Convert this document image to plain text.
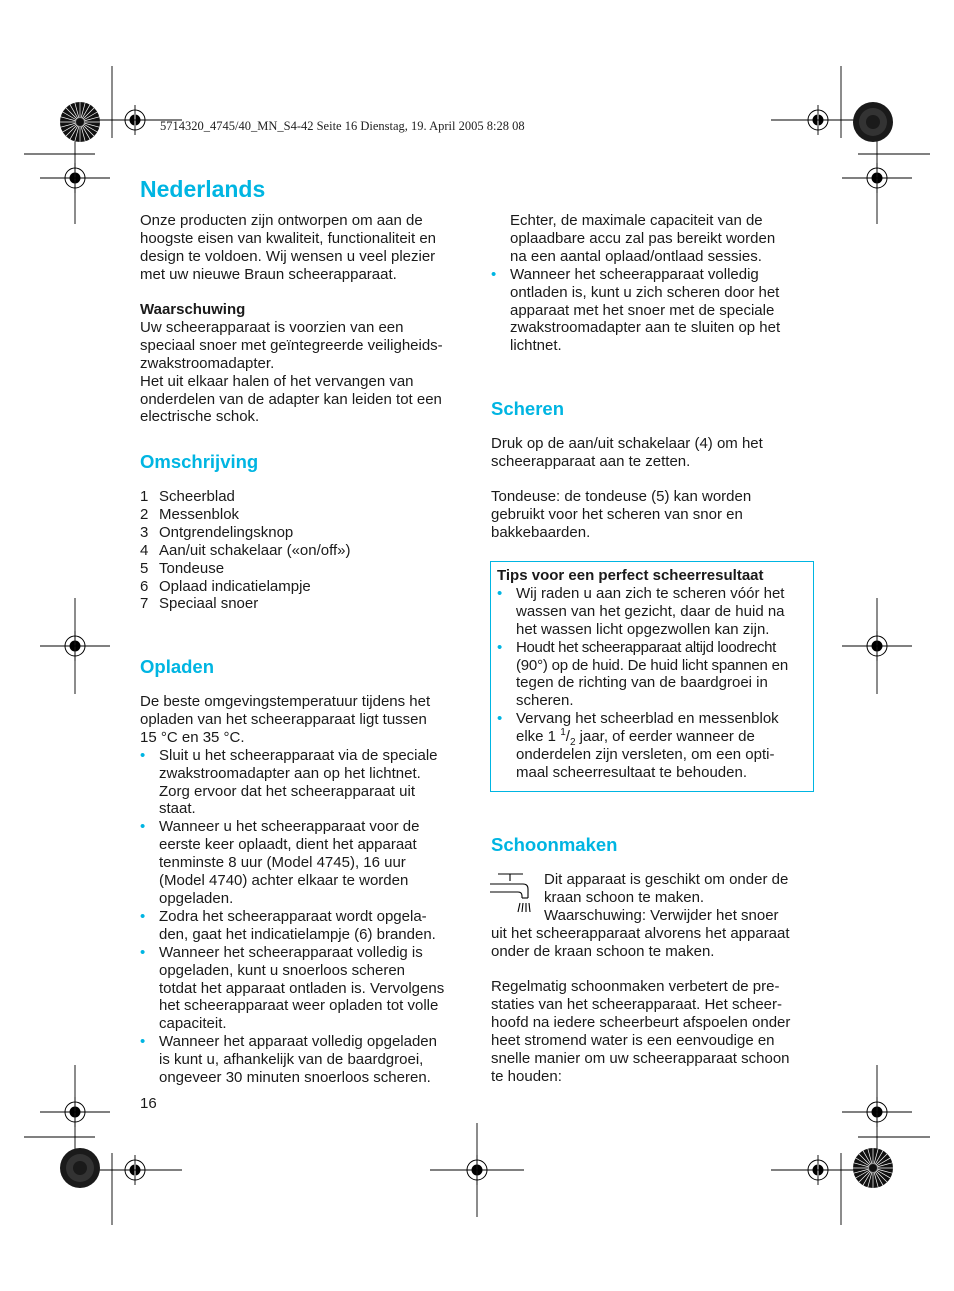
5714320_4745/40_MN_S4-42 Seite 16 Dienstag, 19. April 2005 8:28 08
Nederlands

Onze producten zijn ontworpen om aan de

hoogste eisen van kwaliteit, functionaliteit en

design te voldoen. Wij wensen u veel plezier

met uw nieuwe Braun scheerapparaat.

Waarschuwing

Uw scheerapparaat is voorzien van een

speciaal snoer met geïntegreerde veiligheids-

zwakstroomadapter.

Het uit elkaar halen of het vervangen van

onderdelen van de adapter kan leiden tot een

electrische schok.

Omschrijving
1 Scheerblad
2 Messenblok
3 Ontgrendelingsknop
4 Aan/uit schakelaar («on/off»)
5 Tondeuse
6 Oplaad indicatielampje
7 Speciaal snoer
Opladen

De beste omgevingstemperatuur tijdens het

opladen van het scheerapparaat ligt tussen

15 °C en 35 °C.

• Sluit u het scheerapparaat via de speciale

zwakstroomadapter aan op het lichtnet.

Zorg ervoor dat het scheerapparaat uit

staat.

• Wanneer u het scheerapparaat voor de

eerste keer oplaadt, dient het apparaat

tenminste 8 uur (Model 4745), 16 uur

(Model 4740) achter elkaar te worden

opgeladen.

• Zodra het scheerapparaat wordt opgela-

den, gaat het indicatielampje (6) branden.

• Wanneer het scheerapparaat volledig is

opgeladen, kunt u snoerloos scheren

totdat het apparaat ontladen is. Vervolgens

het scheerapparaat weer opladen tot volle

capaciteit.

• Wanneer het apparaat volledig opgeladen

is kunt u, afhankelijk van de baardgroei,

ongeveer 30 minuten snoerloos scheren.

16

Echter, de maximale capaciteit van de

oplaadbare accu zal pas bereikt worden

na een aantal oplaad/ontlaad sessies.

• Wanneer het scheerapparaat volledig

ontladen is, kunt u zich scheren door het

apparaat met het snoer met de speciale

zwakstroomadapter aan te sluiten op het

lichtnet.

Scheren

Druk op de aan/uit schakelaar (4) om het

scheerapparaat aan te zetten.

Tondeuse: de tondeuse (5) kan worden

gebruikt voor het scheren van snor en

bakkebaarden.

Tips voor een perfect scheerresultaat

• Wij raden u aan zich te scheren vóór het

wassen van het gezicht, daar de huid na

het wassen licht opgezwollen kan zijn.

• Houdt het scheerapparaat altijd loodrecht

(90°) op de huid. De huid licht spannen en

tegen de richting van de baardgroei in

scheren.

• Vervang het scheerblad en messenblok

elke 1 $^1/_2$ jaar, of eerder wanneer de

onderdelen zijn versleten, om een opti-

maal scheerresultaat te behouden.

Schoonmaken

Dit apparaat is geschikt om onder de

kraan schoon te maken.

Waarschuwing: Verwijder het snoer

uit het scheerapparaat alvorens het apparaat

onder de kraan schoon te maken.

Regelmatig schoonmaken verbetert de pre-

staties van het scheerapparaat. Het scheer-

hoofd na iedere scheerbeurt afspoelen onder

heet stromend water is een eenvoudige en

snelle manier om uw scheerapparaat schoon

te houden:
